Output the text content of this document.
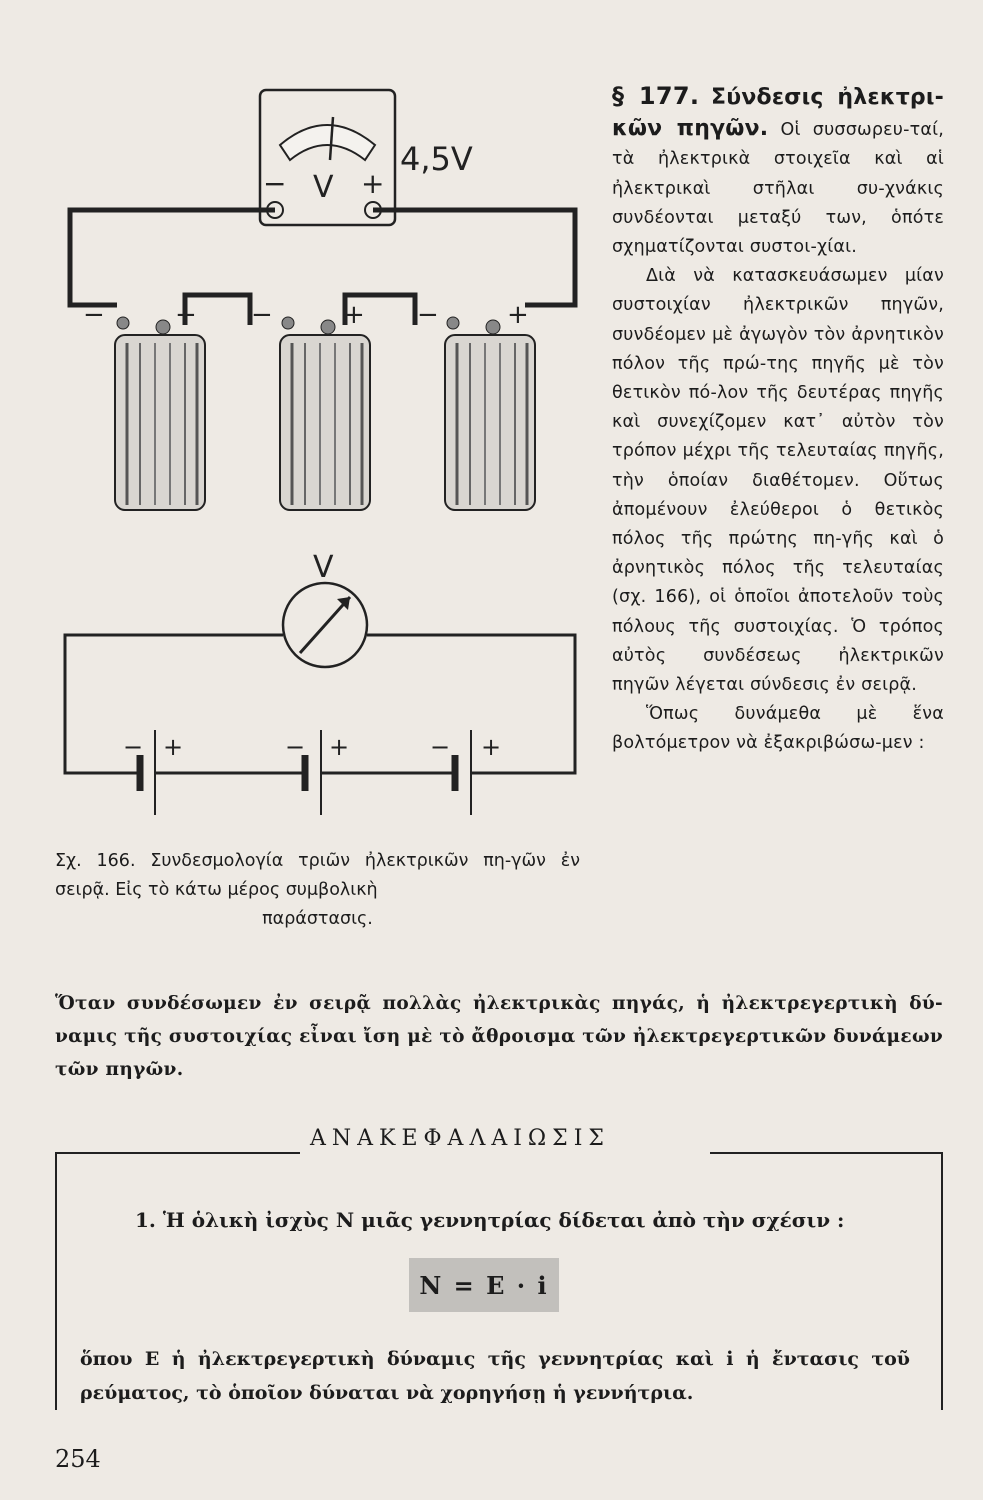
− V +
4,5V
−	+ −	+ −	+
V
− +	− +	− +

§ 177. Σύνδεσις ἠλεκτρι- κῶν πηγῶν. Οἱ συσσωρευ-ταί, τὰ ἠλεκτρικὰ στοιχεῖα καὶ αἱ ἠλεκτρικαὶ στῆλαι συ-χνάκις συνδέονται μεταξύ των, ὁπότε σχηματίζονται συστοι-χίαι.

Διὰ νὰ κατασκευάσωμεν μίαν συστοιχίαν ἠλεκτρικῶν πηγῶν, συνδέομεν μὲ ἀγωγὸν τὸν ἀρνητικὸν πόλον τῆς πρώ-της πηγῆς μὲ τὸν θετικὸν πό-λον τῆς δευτέρας πηγῆς καὶ συνεχίζομεν κατ᾽ αὐτὸν τὸν τρόπον μέχρι τῆς τελευταίας πηγῆς, τὴν ὁποίαν διαθέτομεν. Οὕτως ἀπομένουν ἐλεύθεροι ὁ θετικὸς πόλος τῆς πρώτης πη-γῆς καὶ ὁ ἀρνητικὸς πόλος τῆς τελευταίας (σχ. 166), οἱ ὁποῖοι ἀποτελοῦν τοὺς πόλους τῆς συστοιχίας. Ὁ τρόπος αὐτὸς συνδέσεως ἠλεκτρικῶν πηγῶν λέγεται σύνδεσις ἐν σειρᾷ.

Ὅπως δυνάμεθα μὲ ἕνα βολτόμετρον νὰ ἐξακριβώσω-μεν :

Σχ. 166. Συνδεσμολογία τριῶν ἠλεκτρικῶν πη-γῶν ἐν σειρᾷ. Εἰς τὸ κάτω μέρος συμβολικὴ
παράστασις.

Ὅταν συνδέσωμεν ἐν σειρᾷ πολλὰς ἠλεκτρικὰς πηγάς, ἡ ἠλεκτρεγερτικὴ δύ-ναμις τῆς συστοιχίας εἶναι ἴση μὲ τὸ ἄθροισμα τῶν ἠλεκτρεγερτικῶν δυνάμεων τῶν πηγῶν.

ΑΝΑΚΕΦΑΛΑΙΩΣΙΣ
1. Ἡ ὁλικὴ ἰσχὺς N μιᾶς γεννητρίας δίδεται ἀπὸ τὴν σχέσιν :
N = E · i
ὅπου E ἡ ἠλεκτρεγερτικὴ δύναμις τῆς γεννητρίας καὶ i ἡ ἔντασις τοῦ ρεύματος, τὸ ὁποῖον δύναται νὰ χορηγήσῃ ἡ γεννήτρια.
254
